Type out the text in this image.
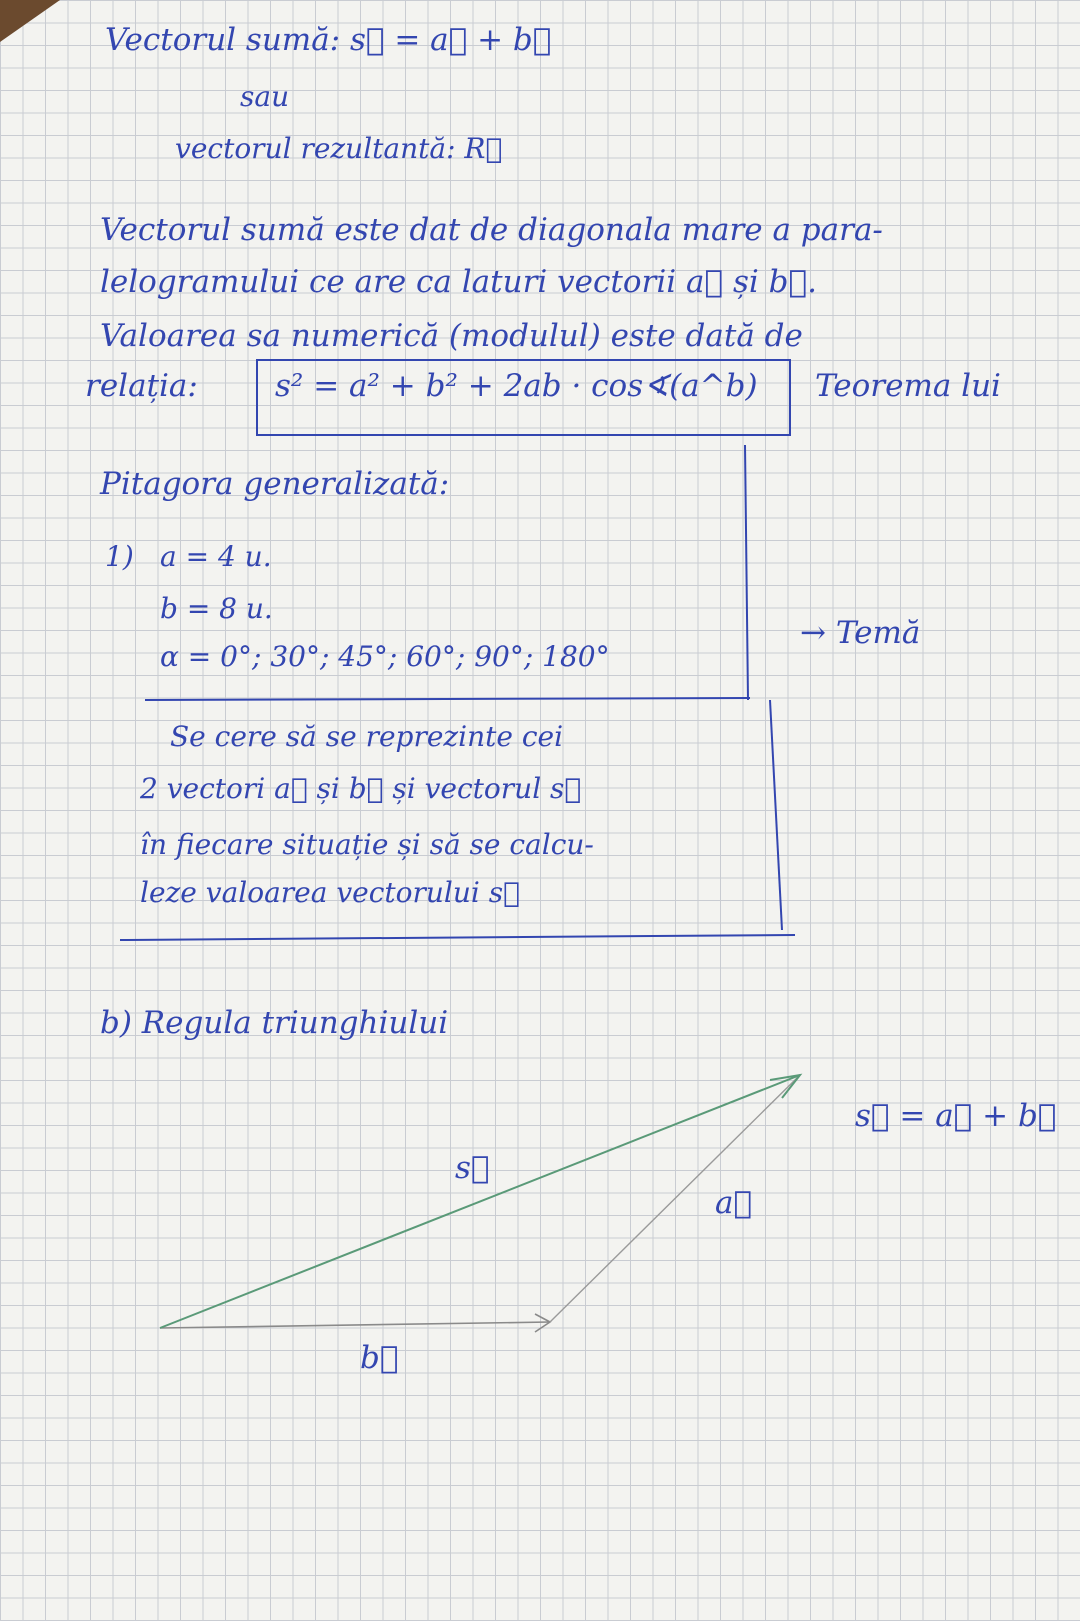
Vectorul sumă: s⃗ = a⃗ + b⃗
sau
vectorul rezultantă: R⃗
Vectorul sumă este dat de diagonala mare a para-
lelogramului ce are ca laturi vectorii a⃗ și b⃗.
Valoarea sa numerică (modulul) este dată de
relația: s² = a² + b² + 2ab · cos∢(a^b) Teorema lui
Pitagora generalizată:
1) a = 4 u.
b = 8 u.
α = 0°; 30°; 45°; 60°; 90°; 180°
→ Temă
Se cere să se reprezinte cei
2 vectori a⃗ și b⃗ și vectorul s⃗
în fiecare situație și să se calcu-
leze valoarea vectorului s⃗
b) Regula triunghiului
s⃗
a⃗
b⃗
s⃗ = a⃗ + b⃗
